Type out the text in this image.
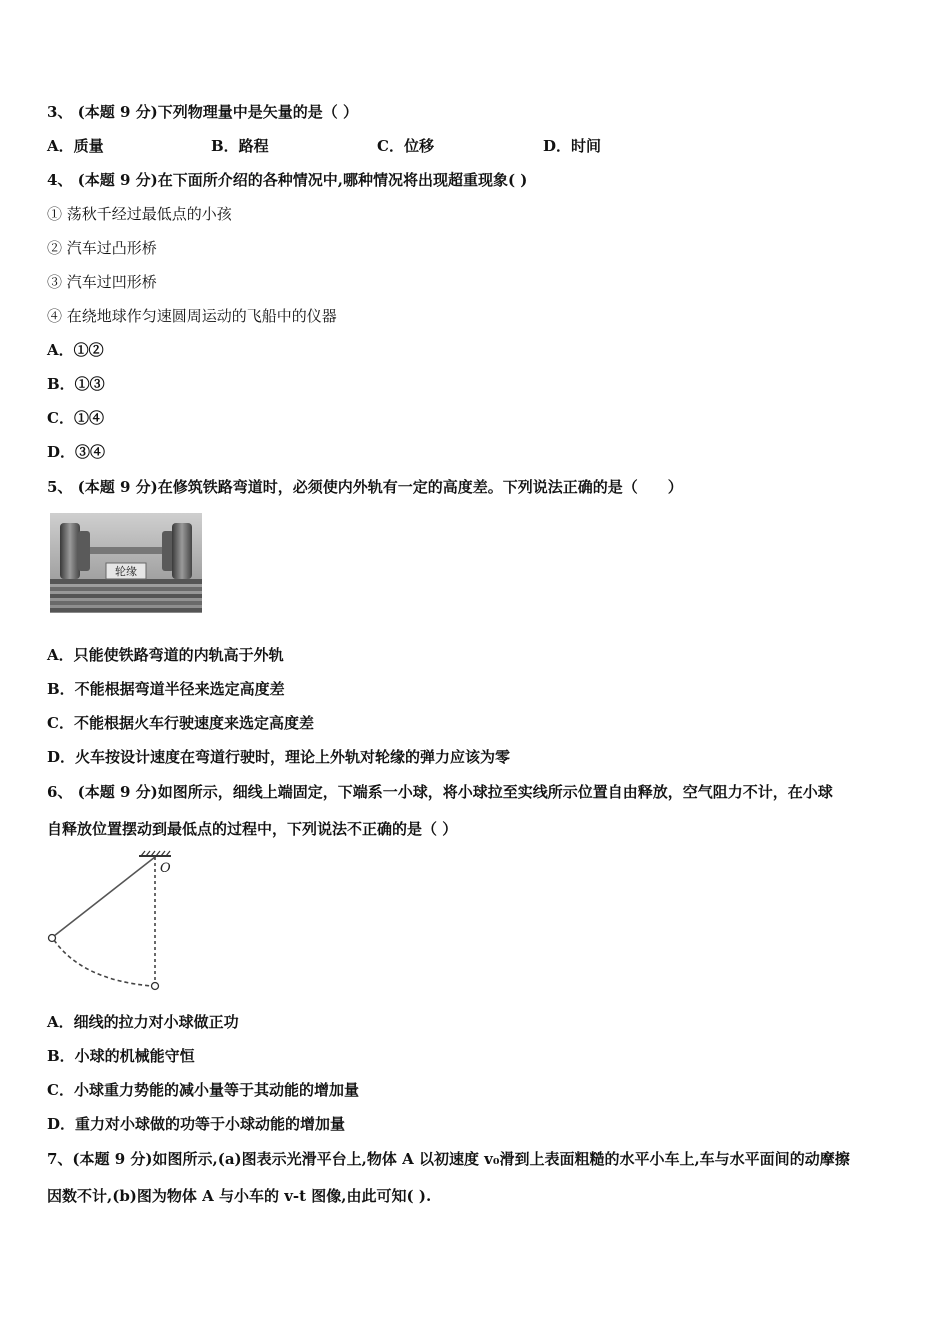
3、 (本题 9 分)下列物理量中是矢量的是（ ）
A．质量	B．路程	C．位移	D．时间
4、 (本题 9 分)在下面所介绍的各种情况中,哪种情况将出现超重现象( )
① 荡秋千经过最低点的小孩
② 汽车过凸形桥
③ 汽车过凹形桥
④ 在绕地球作匀速圆周运动的飞船中的仪器
A．①②
B．①③
C．①④
D．③④
5、 (本题 9 分)在修筑铁路弯道时，必须使内外轨有一定的高度差。下列说法正确的是（　　）
轮缘
A．只能使铁路弯道的内轨高于外轨
B．不能根据弯道半径来选定高度差
C．不能根据火车行驶速度来选定高度差
D．火车按设计速度在弯道行驶时，理论上外轨对轮缘的弹力应该为零
6、 (本题 9 分)如图所示，细线上端固定，下端系一小球，将小球拉至实线所示位置自由释放，空气阻力不计，在小球
自释放位置摆动到最低点的过程中，下列说法不正确的是（ ）
O
A．细线的拉力对小球做正功
B．小球的机械能守恒
C．小球重力势能的减小量等于其动能的增加量
D．重力对小球做的功等于小球动能的增加量
7、(本题 9 分)如图所示,(a)图表示光滑平台上,物体 A 以初速度 v₀滑到上表面粗糙的水平小车上,车与水平面间的动摩擦
因数不计,(b)图为物体 A 与小车的 v-t 图像,由此可知( ).
